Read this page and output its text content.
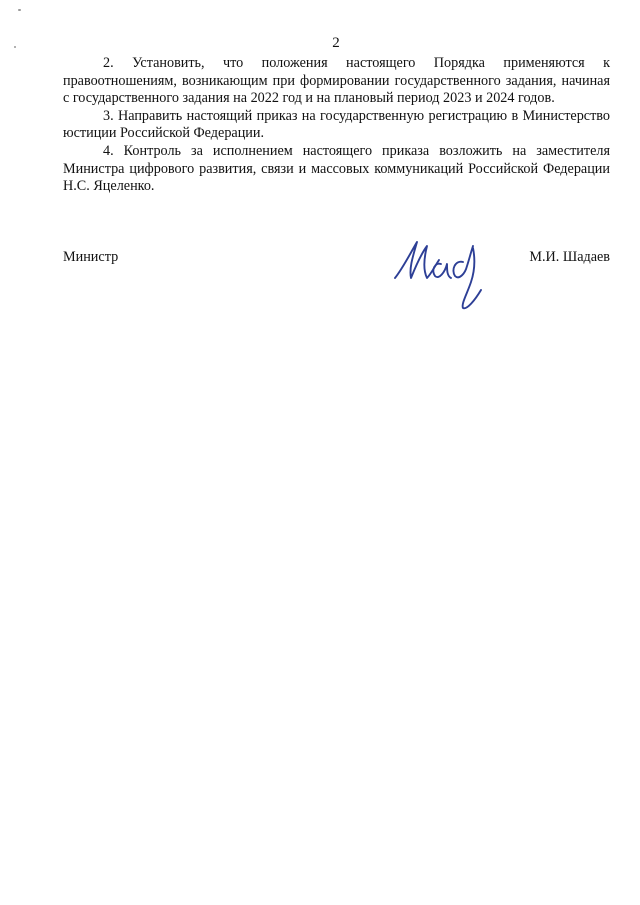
2

2. Установить, что положения настоящего Порядка применяются к правоотношениям, возникающим при формировании государственного задания, начиная с государственного задания на 2022 год и на плановый период 2023 и 2024 годов.

3. Направить настоящий приказ на государственную регистрацию в Министерство юстиции Российской Федерации.

4. Контроль за исполнением настоящего приказа возложить на заместителя Министра цифрового развития, связи и массовых коммуникаций Российской Федерации Н.С. Яцеленко.

Министр	М.И. Шадаев
